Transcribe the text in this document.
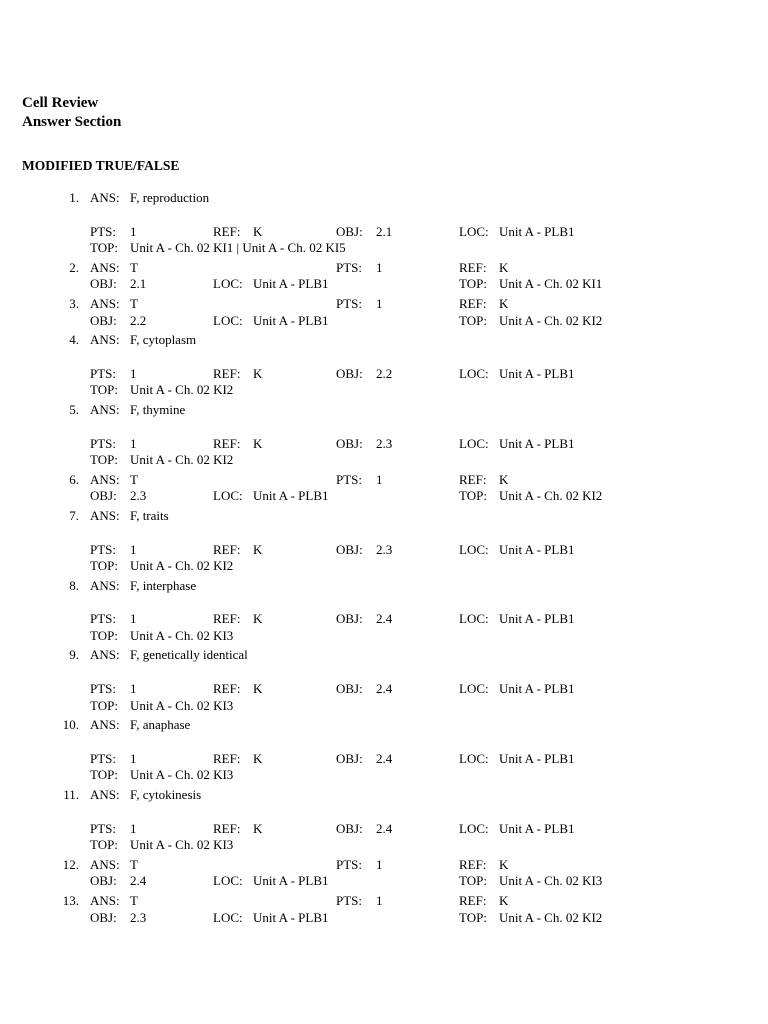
Cell Review
Answer Section
MODIFIED TRUE/FALSE
1. ANS: F, reproduction
PTS: 1	REF: K	OBJ: 2.1	LOC: Unit A - PLB1
TOP: Unit A - Ch. 02 KI1 | Unit A - Ch. 02 KI5
2. ANS: T	PTS: 1	REF: K
OBJ: 2.1	LOC: Unit A - PLB1	TOP: Unit A - Ch. 02 KI1
3. ANS: T	PTS: 1	REF: K
OBJ: 2.2	LOC: Unit A - PLB1	TOP: Unit A - Ch. 02 KI2
4. ANS: F, cytoplasm
PTS: 1	REF: K	OBJ: 2.2	LOC: Unit A - PLB1
TOP: Unit A - Ch. 02 KI2
5. ANS: F, thymine
PTS: 1	REF: K	OBJ: 2.3	LOC: Unit A - PLB1
TOP: Unit A - Ch. 02 KI2
6. ANS: T	PTS: 1	REF: K
OBJ: 2.3	LOC: Unit A - PLB1	TOP: Unit A - Ch. 02 KI2
7. ANS: F, traits
PTS: 1	REF: K	OBJ: 2.3	LOC: Unit A - PLB1
TOP: Unit A - Ch. 02 KI2
8. ANS: F, interphase
PTS: 1	REF: K	OBJ: 2.4	LOC: Unit A - PLB1
TOP: Unit A - Ch. 02 KI3
9. ANS: F, genetically identical
PTS: 1	REF: K	OBJ: 2.4	LOC: Unit A - PLB1
TOP: Unit A - Ch. 02 KI3
10. ANS: F, anaphase
PTS: 1	REF: K	OBJ: 2.4	LOC: Unit A - PLB1
TOP: Unit A - Ch. 02 KI3
11. ANS: F, cytokinesis
PTS: 1	REF: K	OBJ: 2.4	LOC: Unit A - PLB1
TOP: Unit A - Ch. 02 KI3
12. ANS: T	PTS: 1	REF: K
OBJ: 2.4	LOC: Unit A - PLB1	TOP: Unit A - Ch. 02 KI3
13. ANS: T	PTS: 1	REF: K
OBJ: 2.3	LOC: Unit A - PLB1	TOP: Unit A - Ch. 02 KI2
